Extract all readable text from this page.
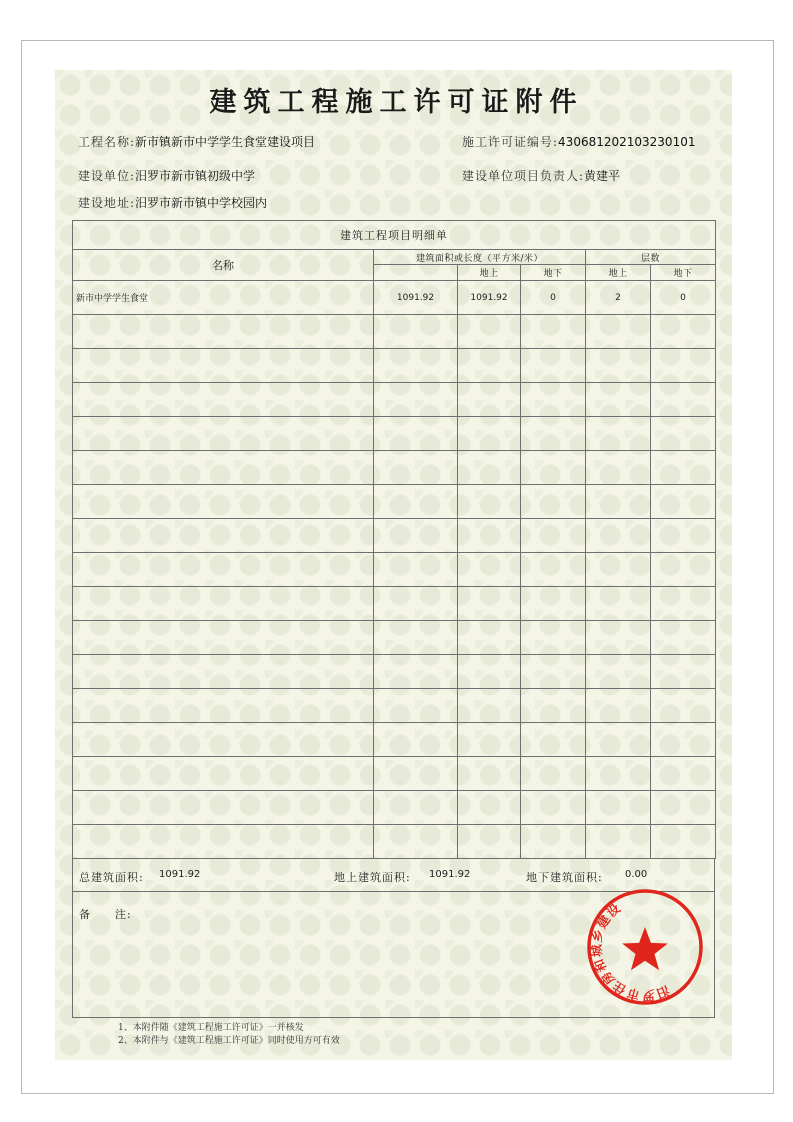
建筑工程施工许可证附件
工程名称:新市镇新市中学学生食堂建设项目	施工许可证编号:430681202103230101
建设单位:汨罗市新市镇初级中学	建设单位项目负责人:黄建平
建设地址:汨罗市新市镇中学校园内
建筑工程项目明细单					
名称	建筑面积或长度（平方米/米）			层数	
		地上	地下	地上	地下
新市中学学生食堂	1091.92	1091.92	0	2	0

总建筑面积: 1091.92	地上建筑面积: 1091.92	地下建筑面积: 0.00
备　　注:
汨罗市住房和城乡建设局
1、本附件随《建筑工程施工许可证》一并核发
2、本附件与《建筑工程施工许可证》同时使用方可有效
